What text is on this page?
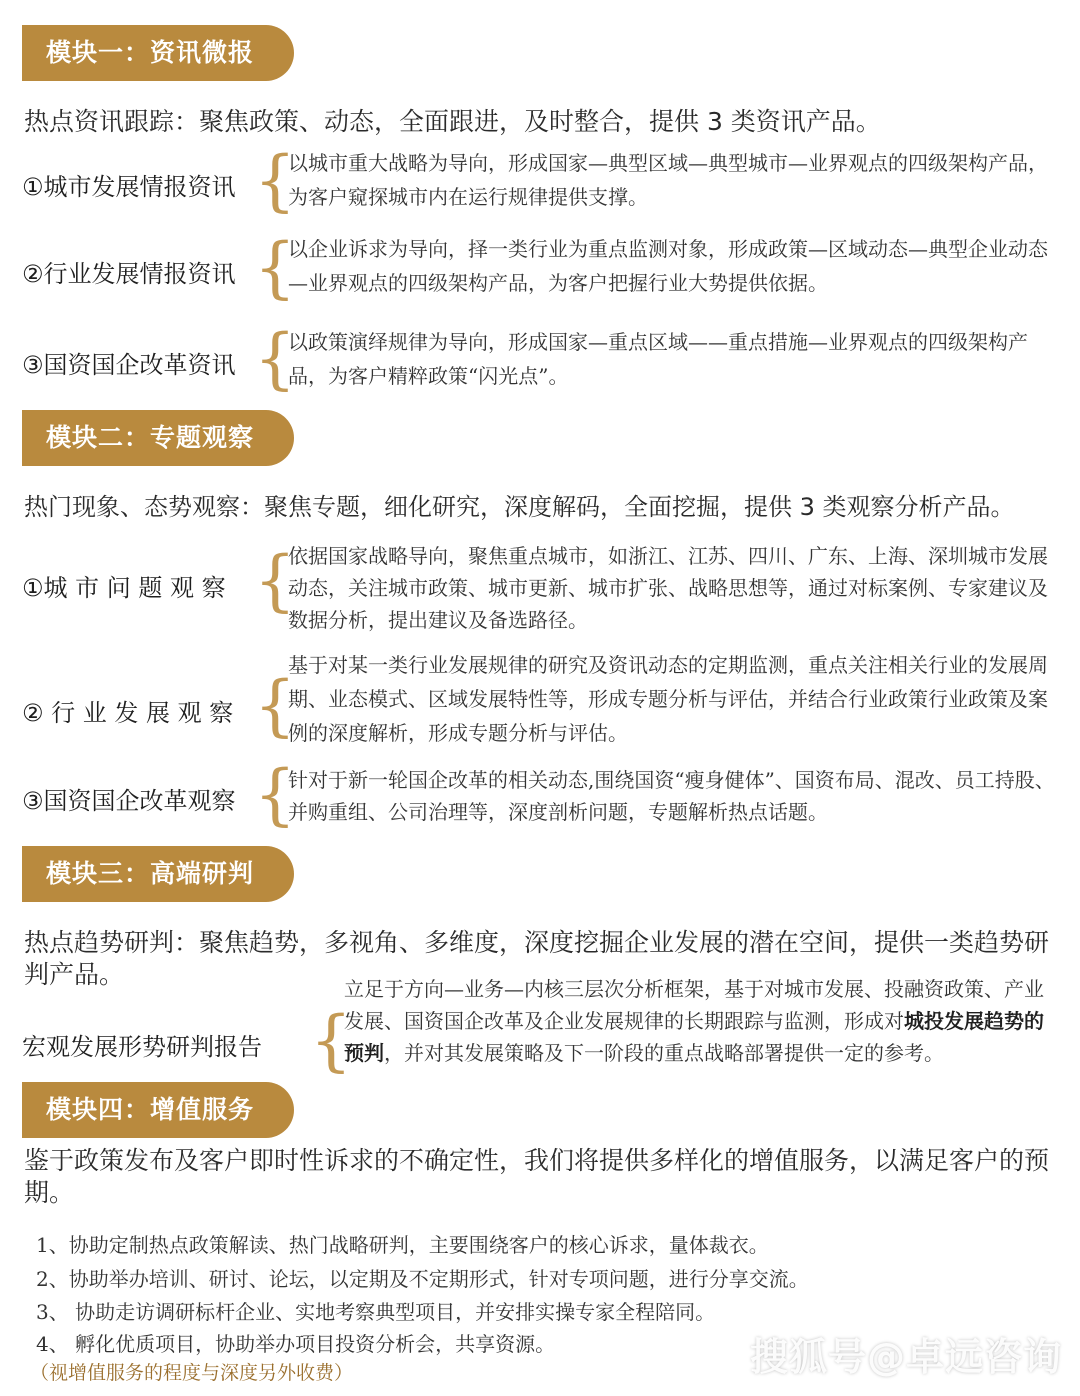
模块一：资讯微报
热点资讯跟踪：聚焦政策、动态，全面跟进，及时整合，提供 3 类资讯产品。
①城市发展情报资讯 {
以城市重大战略为导向，形成国家—典型区域—典型城市—业界观点的四级架构产品，为客户窥探城市内在运行规律提供支撑。
②行业发展情报资讯 {
以企业诉求为导向，择一类行业为重点监测对象，形成政策—区域动态—典型企业动态—业界观点的四级架构产品，为客户把握行业大势提供依据。
③国资国企改革资讯 {
以政策演绎规律为导向，形成国家—重点区域——重点措施—业界观点的四级架构产品，为客户精粹政策“闪光点”。
模块二：专题观察
热门现象、态势观察：聚焦专题，细化研究，深度解码，全面挖掘，提供 3 类观察分析产品。
①城 市 问 题 观 察 {
依据国家战略导向，聚焦重点城市，如浙江、江苏、四川、广东、上海、深圳城市发展动态，关注城市政策、城市更新、城市扩张、战略思想等，通过对标案例、专家建议及数据分析，提出建议及备选路径。
② 行 业 发 展 观 察 {
基于对某一类行业发展规律的研究及资讯动态的定期监测，重点关注相关行业的发展周期、业态模式、区域发展特性等，形成专题分析与评估，并结合行业政策行业政策及案例的深度解析，形成专题分析与评估。
③国资国企改革观察 {
针对于新一轮国企改革的相关动态,围绕国资“瘦身健体”、国资布局、混改、员工持股、并购重组、公司治理等，深度剖析问题，专题解析热点话题。
模块三：高端研判
热点趋势研判：聚焦趋势，多视角、多维度，深度挖掘企业发展的潜在空间，提供一类趋势研判产品。
宏观发展形势研判报告 {
立足于方向—业务—内核三层次分析框架，基于对城市发展、投融资政策、产业发展、国资国企改革及企业发展规律的长期跟踪与监测，形成对城投发展趋势的预判，并对其发展策略及下一阶段的重点战略部署提供一定的参考。
模块四：增值服务
鉴于政策发布及客户即时性诉求的不确定性，我们将提供多样化的增值服务，以满足客户的预期。
1、协助定制热点政策解读、热门战略研判，主要围绕客户的核心诉求，量体裁衣。
2、协助举办培训、研讨、论坛，以定期及不定期形式，针对专项问题，进行分享交流。
3、 协助走访调研标杆企业、实地考察典型项目，并安排实操专家全程陪同。
4、 孵化优质项目，协助举办项目投资分析会，共享资源。
（视增值服务的程度与深度另外收费）	搜狐号@卓远咨询
